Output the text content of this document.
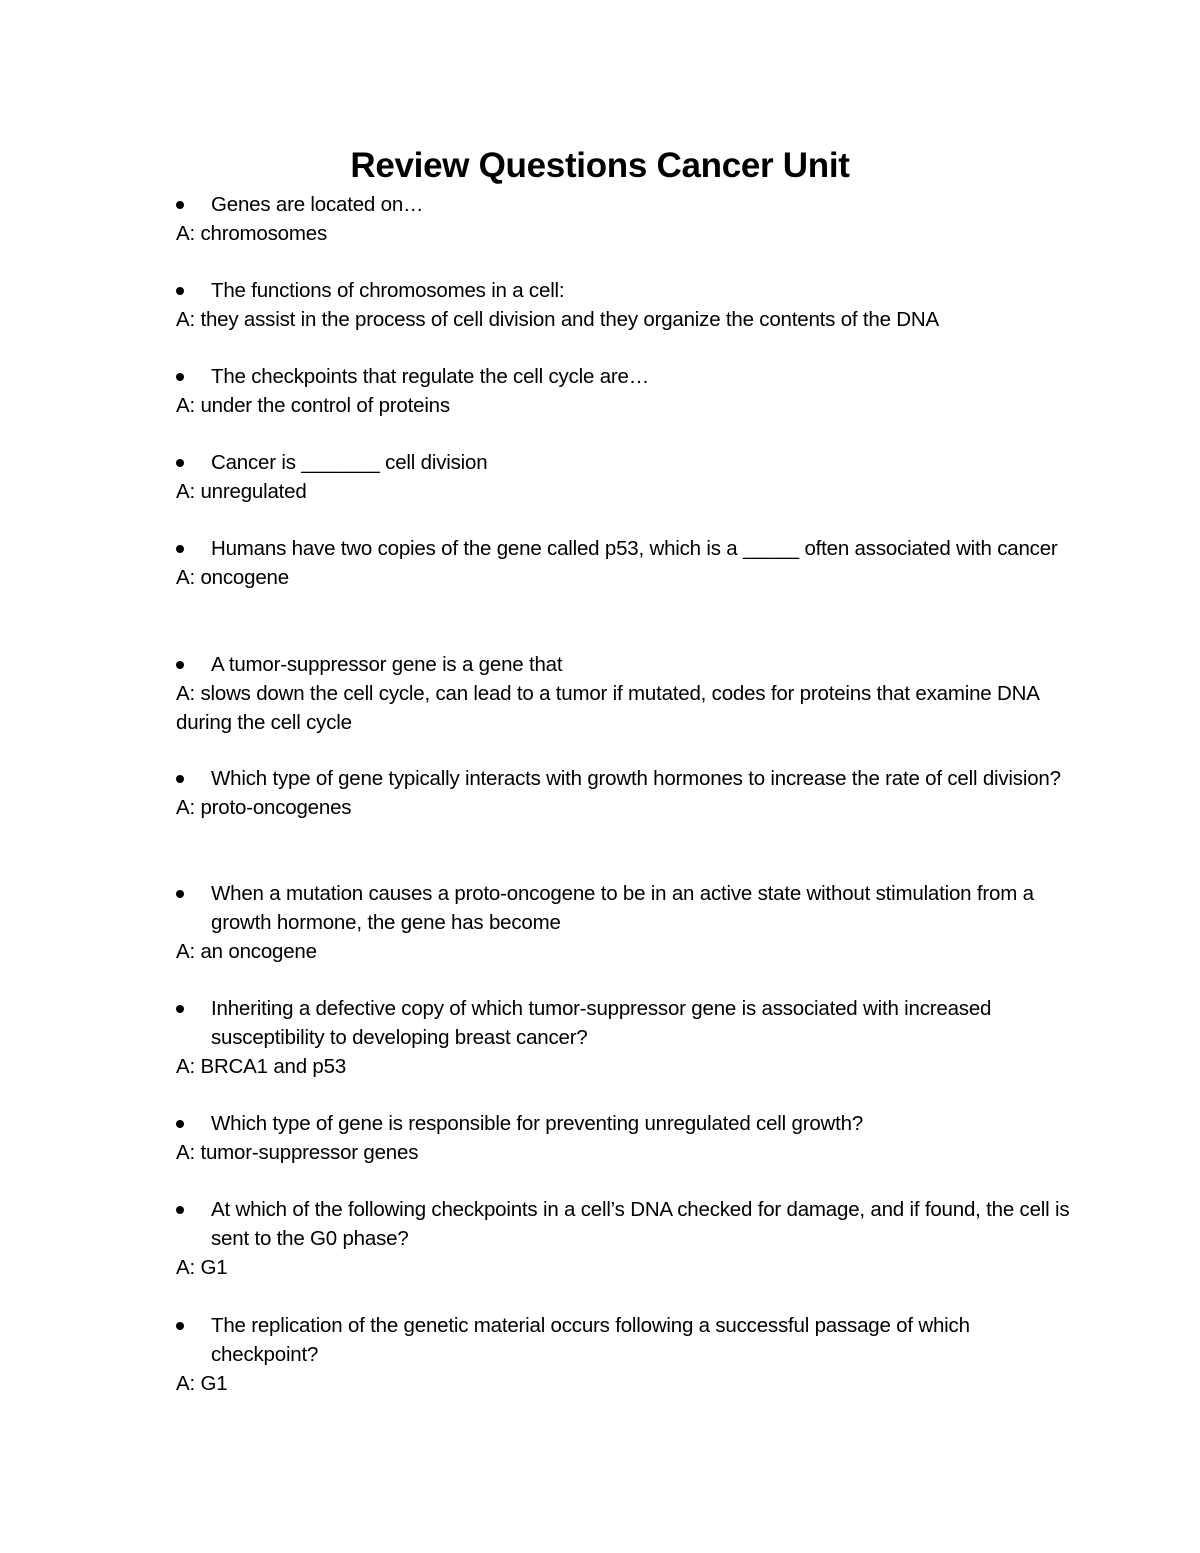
Review Questions Cancer Unit
Genes are located on…
A: chromosomes
The functions of chromosomes in a cell:
A: they assist in the process of cell division and they organize the contents of the DNA
The checkpoints that regulate the cell cycle are…
A: under the control of proteins
Cancer is _______ cell division
A: unregulated
Humans have two copies of the gene called p53, which is a _____ often associated with cancer
A: oncogene
A tumor-suppressor gene is a gene that
A: slows down the cell cycle, can lead to a tumor if mutated, codes for proteins that examine DNA during the cell cycle
Which type of gene typically interacts with growth hormones to increase the rate of cell division?
A: proto-oncogenes
When a mutation causes a proto-oncogene to be in an active state without stimulation from a growth hormone, the gene has become
A: an oncogene
Inheriting a defective copy of which tumor-suppressor gene is associated with increased susceptibility to developing breast cancer?
A: BRCA1 and p53
Which type of gene is responsible for preventing unregulated cell growth?
A: tumor-suppressor genes
At which of the following checkpoints in a cell’s DNA checked for damage, and if found, the cell is sent to the G0 phase?
A: G1
The replication of the genetic material occurs following a successful passage of which checkpoint?
A: G1
